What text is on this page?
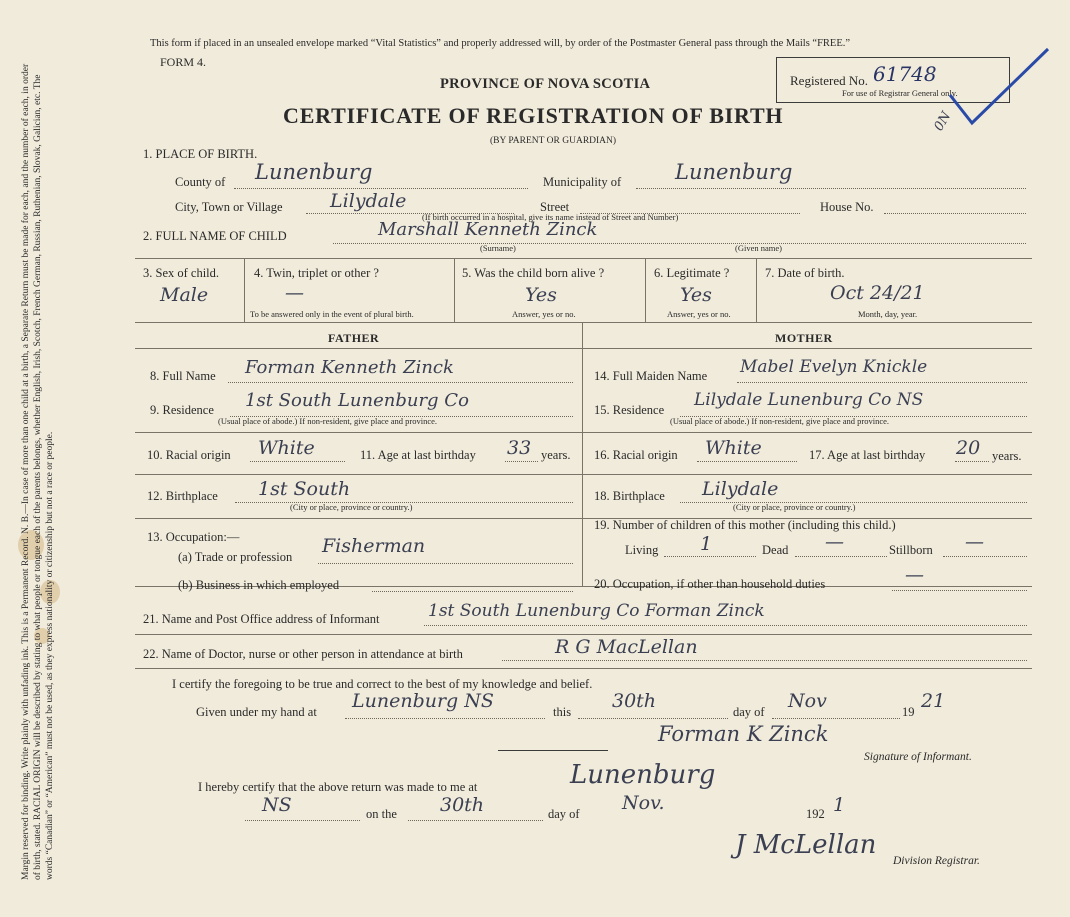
Margin reserved for binding. Write plainly with unfading ink. This is a Permanent Record. N. B.—In case of more than one child at a birth, a Separate Return must be made for each, and the number of each, in order of birth, stated. RACIAL ORIGIN will be described by stating to what people or tongue each of the parents belongs, whether English, Irish, Scotch, French German, Russian, Ruthenian, Slovak, Galician, etc. The words “Canadian” or “American” must not be used, as they express nationality or citizenship but not a race or people.
This form if placed in an unsealed envelope marked “Vital Statistics” and properly addressed will, by order of the Postmaster General pass through the Mails “FREE.”
FORM 4.
PROVINCE OF NOVA SCOTIA
CERTIFICATE OF REGISTRATION OF BIRTH
(BY PARENT OR GUARDIAN)
Registered No. 61748
For use of Registrar General only.
0N
1. PLACE OF BIRTH.
County of Lunenburg	Municipality of	Lunenburg
City, Town or Village Lilydale	Street	House No.
(If birth occurred in a hospital, give its name instead of Street and Number)
2. FULL NAME OF CHILD	Marshall Kenneth Zinck
(Surname)	(Given name)
3. Sex of child.
Male
4. Twin, triplet or other ?
—
To be answered only in the event of plural birth.
5. Was the child born alive ?
Yes
Answer, yes or no.
6. Legitimate ?
Yes
Answer, yes or no.
7. Date of birth.
Oct 24/21
Month, day, year.
FATHER	MOTHER
8. Full Name Forman Kenneth Zinck
9. Residence 1st South Lunenburg Co
(Usual place of abode.) If non-resident, give place and province.
10. Racial origin White	11. Age at last birthday 33 years.
12. Birthplace 1st South
(City or place, province or country.)
13. Occupation:—
(a) Trade or profession Fisherman
(b) Business in which employed
14. Full Maiden Name Mabel Evelyn Knickle
15. Residence Lilydale Lunenburg Co NS
(Usual place of abode.) If non-resident, give place and province.
16. Racial origin White	17. Age at last birthday 20 years.
18. Birthplace Lilydale
(City or place, province or country.)
19. Number of children of this mother (including this child.)
Living 1	Dead —	Stillborn —
20. Occupation, if other than household duties	—
21. Name and Post Office address of Informant	1st South Lunenburg Co Forman Zinck
22. Name of Doctor, nurse or other person in attendance at birth	R G MacLellan
I certify the foregoing to be true and correct to the best of my knowledge and belief.
Given under my hand at Lunenburg NS	this 30th	day of Nov	19 21
Forman K Zinck
Signature of Informant.
I hereby certify that the above return was made to me at	Lunenburg
NS	on the 30th	day of Nov.	192 1
J McLellan
Division Registrar.
